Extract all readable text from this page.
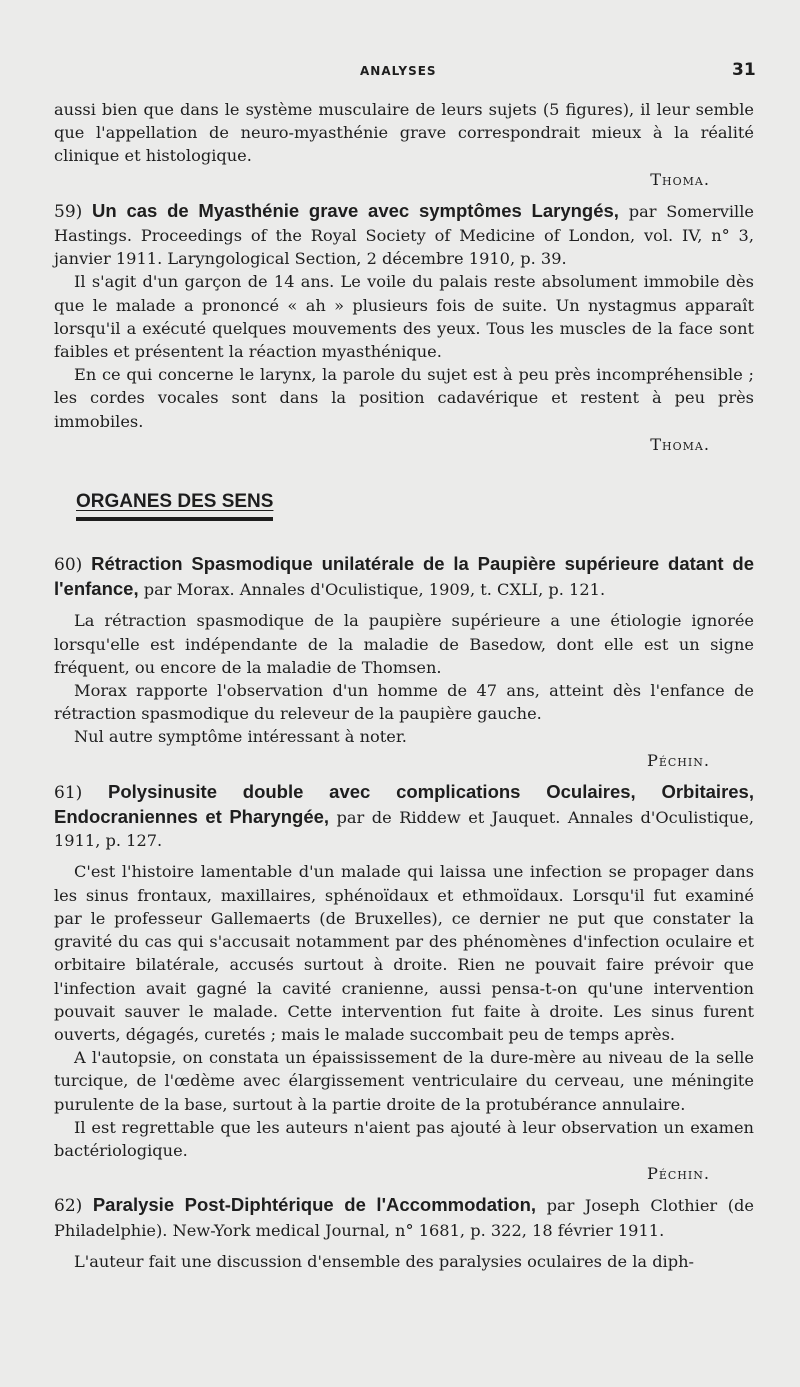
ANALYSES	31

aussi bien que dans le système musculaire de leurs sujets (5 figures), il leur semble que l'appellation de neuro-myasthénie grave correspondrait mieux à la réalité clinique et histologique.
Thoma.

59) Un cas de Myasthénie grave avec symptômes Laryngés, par Somerville Hastings. Proceedings of the Royal Society of Medicine of London, vol. IV, n° 3, janvier 1911. Laryngological Section, 2 décembre 1910, p. 39.

Il s'agit d'un garçon de 14 ans. Le voile du palais reste absolument immobile dès que le malade a prononcé « ah » plusieurs fois de suite. Un nystagmus apparaît lorsqu'il a exécuté quelques mouvements des yeux. Tous les muscles de la face sont faibles et présentent la réaction myasthénique.

En ce qui concerne le larynx, la parole du sujet est à peu près incompréhensible ; les cordes vocales sont dans la position cadavérique et restent à peu près immobiles.
Thoma.

ORGANES DES SENS

60) Rétraction Spasmodique unilatérale de la Paupière supérieure datant de l'enfance, par Morax. Annales d'Oculistique, 1909, t. CXLI, p. 121.

La rétraction spasmodique de la paupière supérieure a une étiologie ignorée lorsqu'elle est indépendante de la maladie de Basedow, dont elle est un signe fréquent, ou encore de la maladie de Thomsen.

Morax rapporte l'observation d'un homme de 47 ans, atteint dès l'enfance de rétraction spasmodique du releveur de la paupière gauche.

Nul autre symptôme intéressant à noter.
Péchin.

61) Polysinusite double avec complications Oculaires, Orbitaires, Endocraniennes et Pharyngée, par de Riddew et Jauquet. Annales d'Oculistique, 1911, p. 127.

C'est l'histoire lamentable d'un malade qui laissa une infection se propager dans les sinus frontaux, maxillaires, sphénoïdaux et ethmoïdaux. Lorsqu'il fut examiné par le professeur Gallemaerts (de Bruxelles), ce dernier ne put que constater la gravité du cas qui s'accusait notamment par des phénomènes d'infection oculaire et orbitaire bilatérale, accusés surtout à droite. Rien ne pouvait faire prévoir que l'infection avait gagné la cavité cranienne, aussi pensa-t-on qu'une intervention pouvait sauver le malade. Cette intervention fut faite à droite. Les sinus furent ouverts, dégagés, curetés ; mais le malade succombait peu de temps après.

A l'autopsie, on constata un épaississement de la dure-mère au niveau de la selle turcique, de l'œdème avec élargissement ventriculaire du cerveau, une méningite purulente de la base, surtout à la partie droite de la protubérance annulaire.

Il est regrettable que les auteurs n'aient pas ajouté à leur observation un examen bactériologique.
Péchin.

62) Paralysie Post-Diphtérique de l'Accommodation, par Joseph Clothier (de Philadelphie). New-York medical Journal, n° 1681, p. 322, 18 février 1911.

L'auteur fait une discussion d'ensemble des paralysies oculaires de la diph-
